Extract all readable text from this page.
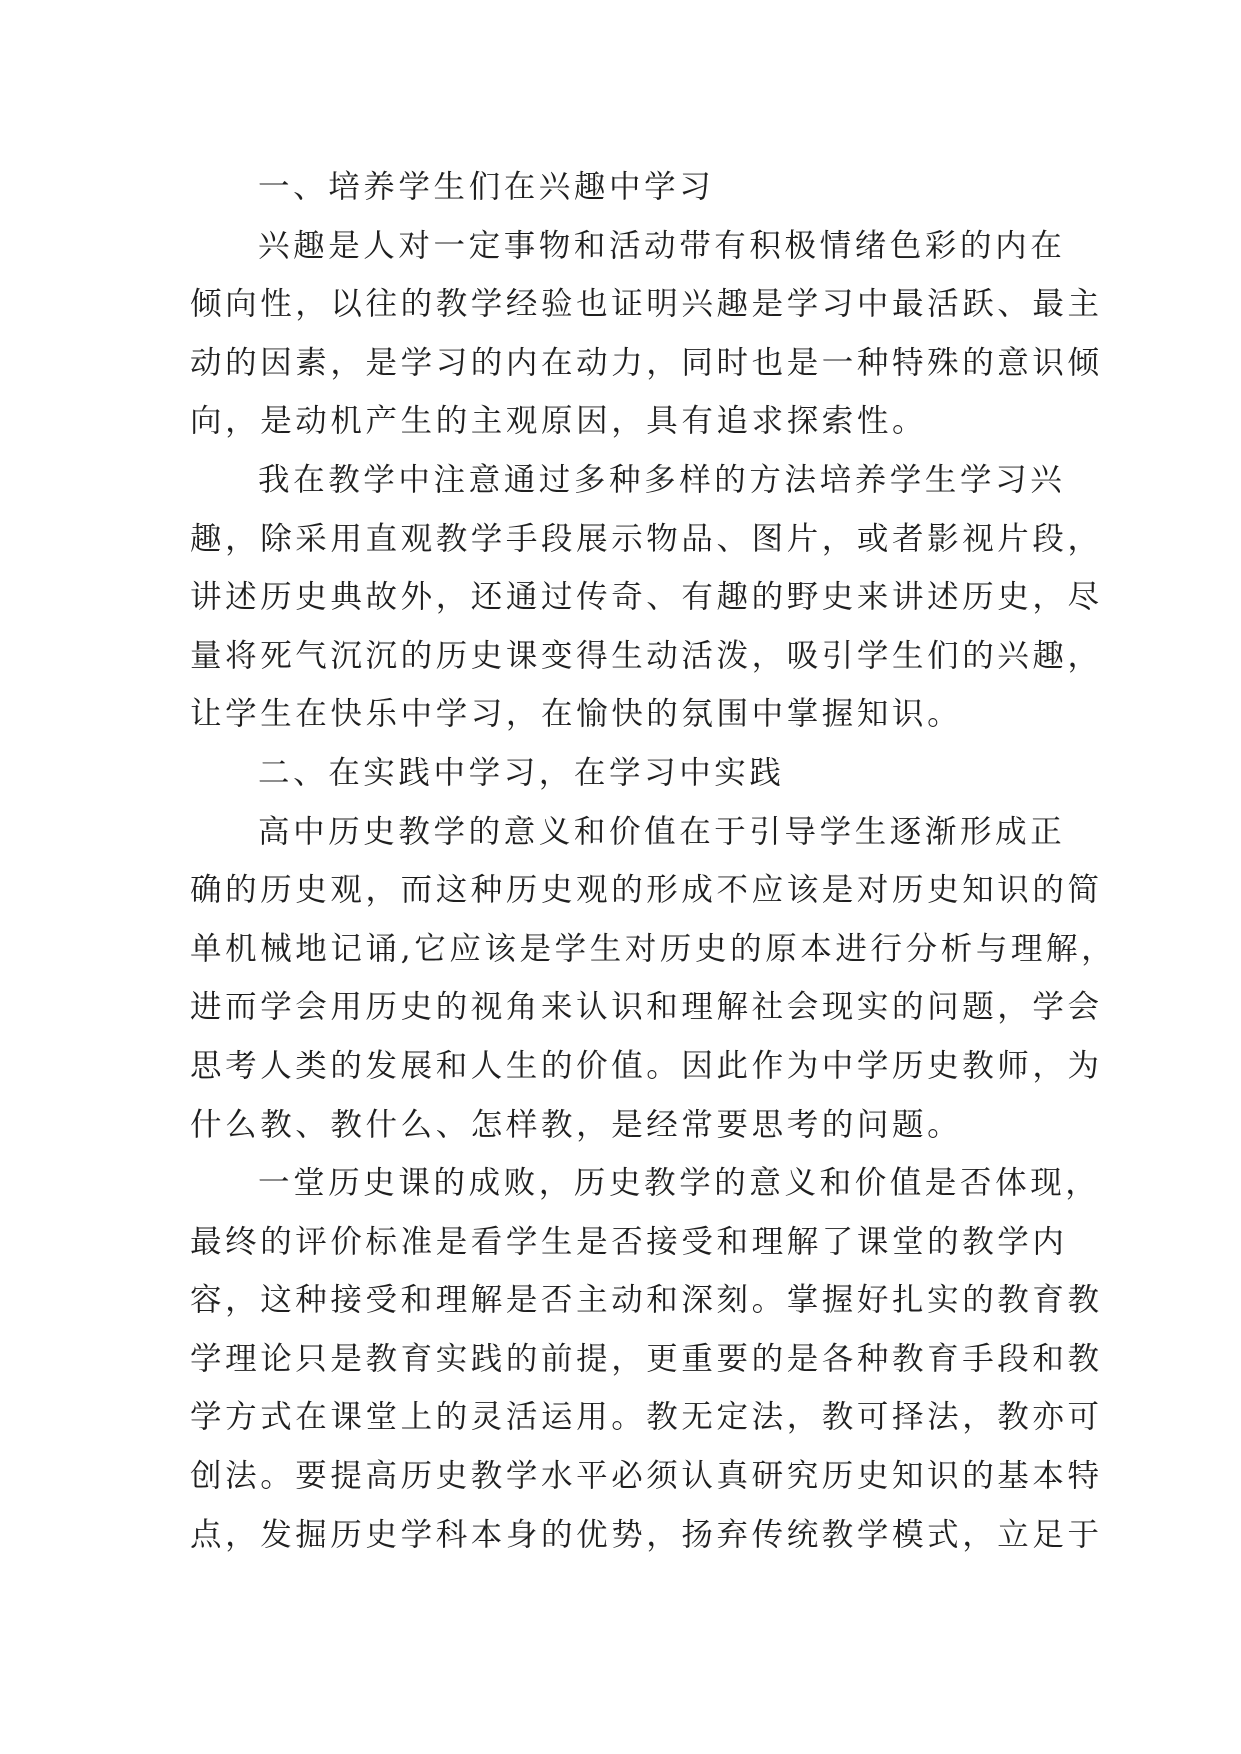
一、培养学生们在兴趣中学习

兴趣是人对一定事物和活动带有积极情绪色彩的内在
倾向性，以往的教学经验也证明兴趣是学习中最活跃、最主
动的因素，是学习的内在动力，同时也是一种特殊的意识倾
向，是动机产生的主观原因，具有追求探索性。

我在教学中注意通过多种多样的方法培养学生学习兴
趣，除采用直观教学手段展示物品、图片，或者影视片段，
讲述历史典故外，还通过传奇、有趣的野史来讲述历史，尽
量将死气沉沉的历史课变得生动活泼，吸引学生们的兴趣，
让学生在快乐中学习，在愉快的氛围中掌握知识。

二、在实践中学习，在学习中实践

高中历史教学的意义和价值在于引导学生逐渐形成正
确的历史观，而这种历史观的形成不应该是对历史知识的简
单机械地记诵,它应该是学生对历史的原本进行分析与理解，
进而学会用历史的视角来认识和理解社会现实的问题，学会
思考人类的发展和人生的价值。因此作为中学历史教师，为
什么教、教什么、怎样教，是经常要思考的问题。

一堂历史课的成败，历史教学的意义和价值是否体现，
最终的评价标准是看学生是否接受和理解了课堂的教学内
容，这种接受和理解是否主动和深刻。掌握好扎实的教育教
学理论只是教育实践的前提，更重要的是各种教育手段和教
学方式在课堂上的灵活运用。教无定法，教可择法，教亦可
创法。要提高历史教学水平必须认真研究历史知识的基本特
点，发掘历史学科本身的优势，扬弃传统教学模式，立足于
